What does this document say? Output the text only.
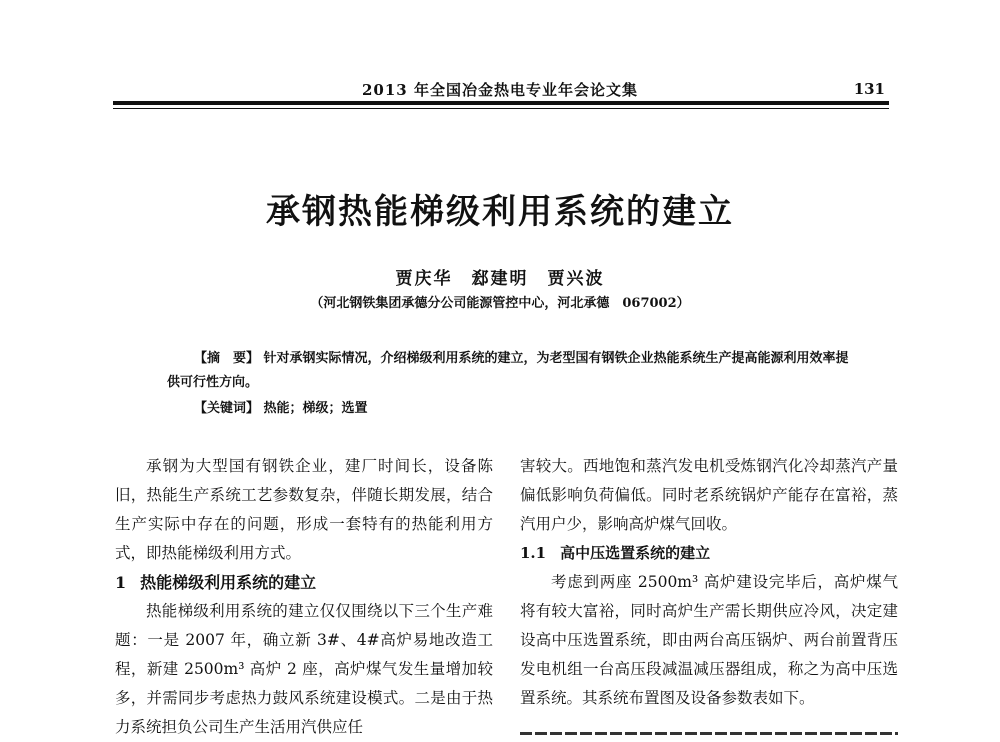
2013 年全国冶金热电专业年会论文集	131
承钢热能梯级利用系统的建立
贾庆华　郄建明　贾兴波
（河北钢铁集团承德分公司能源管控中心，河北承德　067002）
【摘　要】 针对承钢实际情况，介绍梯级利用系统的建立，为老型国有钢铁企业热能系统生产提高能源利用效率提供可行性方向。
【关键词】 热能；梯级；选置

承钢为大型国有钢铁企业，建厂时间长，设备陈旧，热能生产系统工艺参数复杂，伴随长期发展，结合生产实际中存在的问题，形成一套特有的热能利用方式，即热能梯级利用方式。

1 热能梯级利用系统的建立

热能梯级利用系统的建立仅仅围绕以下三个生产难题：一是 2007 年，确立新 3#、4#高炉易地改造工程，新建 2500m³ 高炉 2 座，高炉煤气发生量增加较多，并需同步考虑热力鼓风系统建设模式。二是由于热力系统担负公司生产生活用汽供应任

害较大。西地饱和蒸汽发电机受炼钢汽化冷却蒸汽产量偏低影响负荷偏低。同时老系统锅炉产能存在富裕，蒸汽用户少，影响高炉煤气回收。

1.1 高中压选置系统的建立

考虑到两座 2500m³ 高炉建设完毕后，高炉煤气将有较大富裕，同时高炉生产需长期供应冷风，决定建设高中压选置系统，即由两台高压锅炉、两台前置背压发电机组一台高压段减温减压器组成，称之为高中压选置系统。其系统布置图及设备参数表如下。
